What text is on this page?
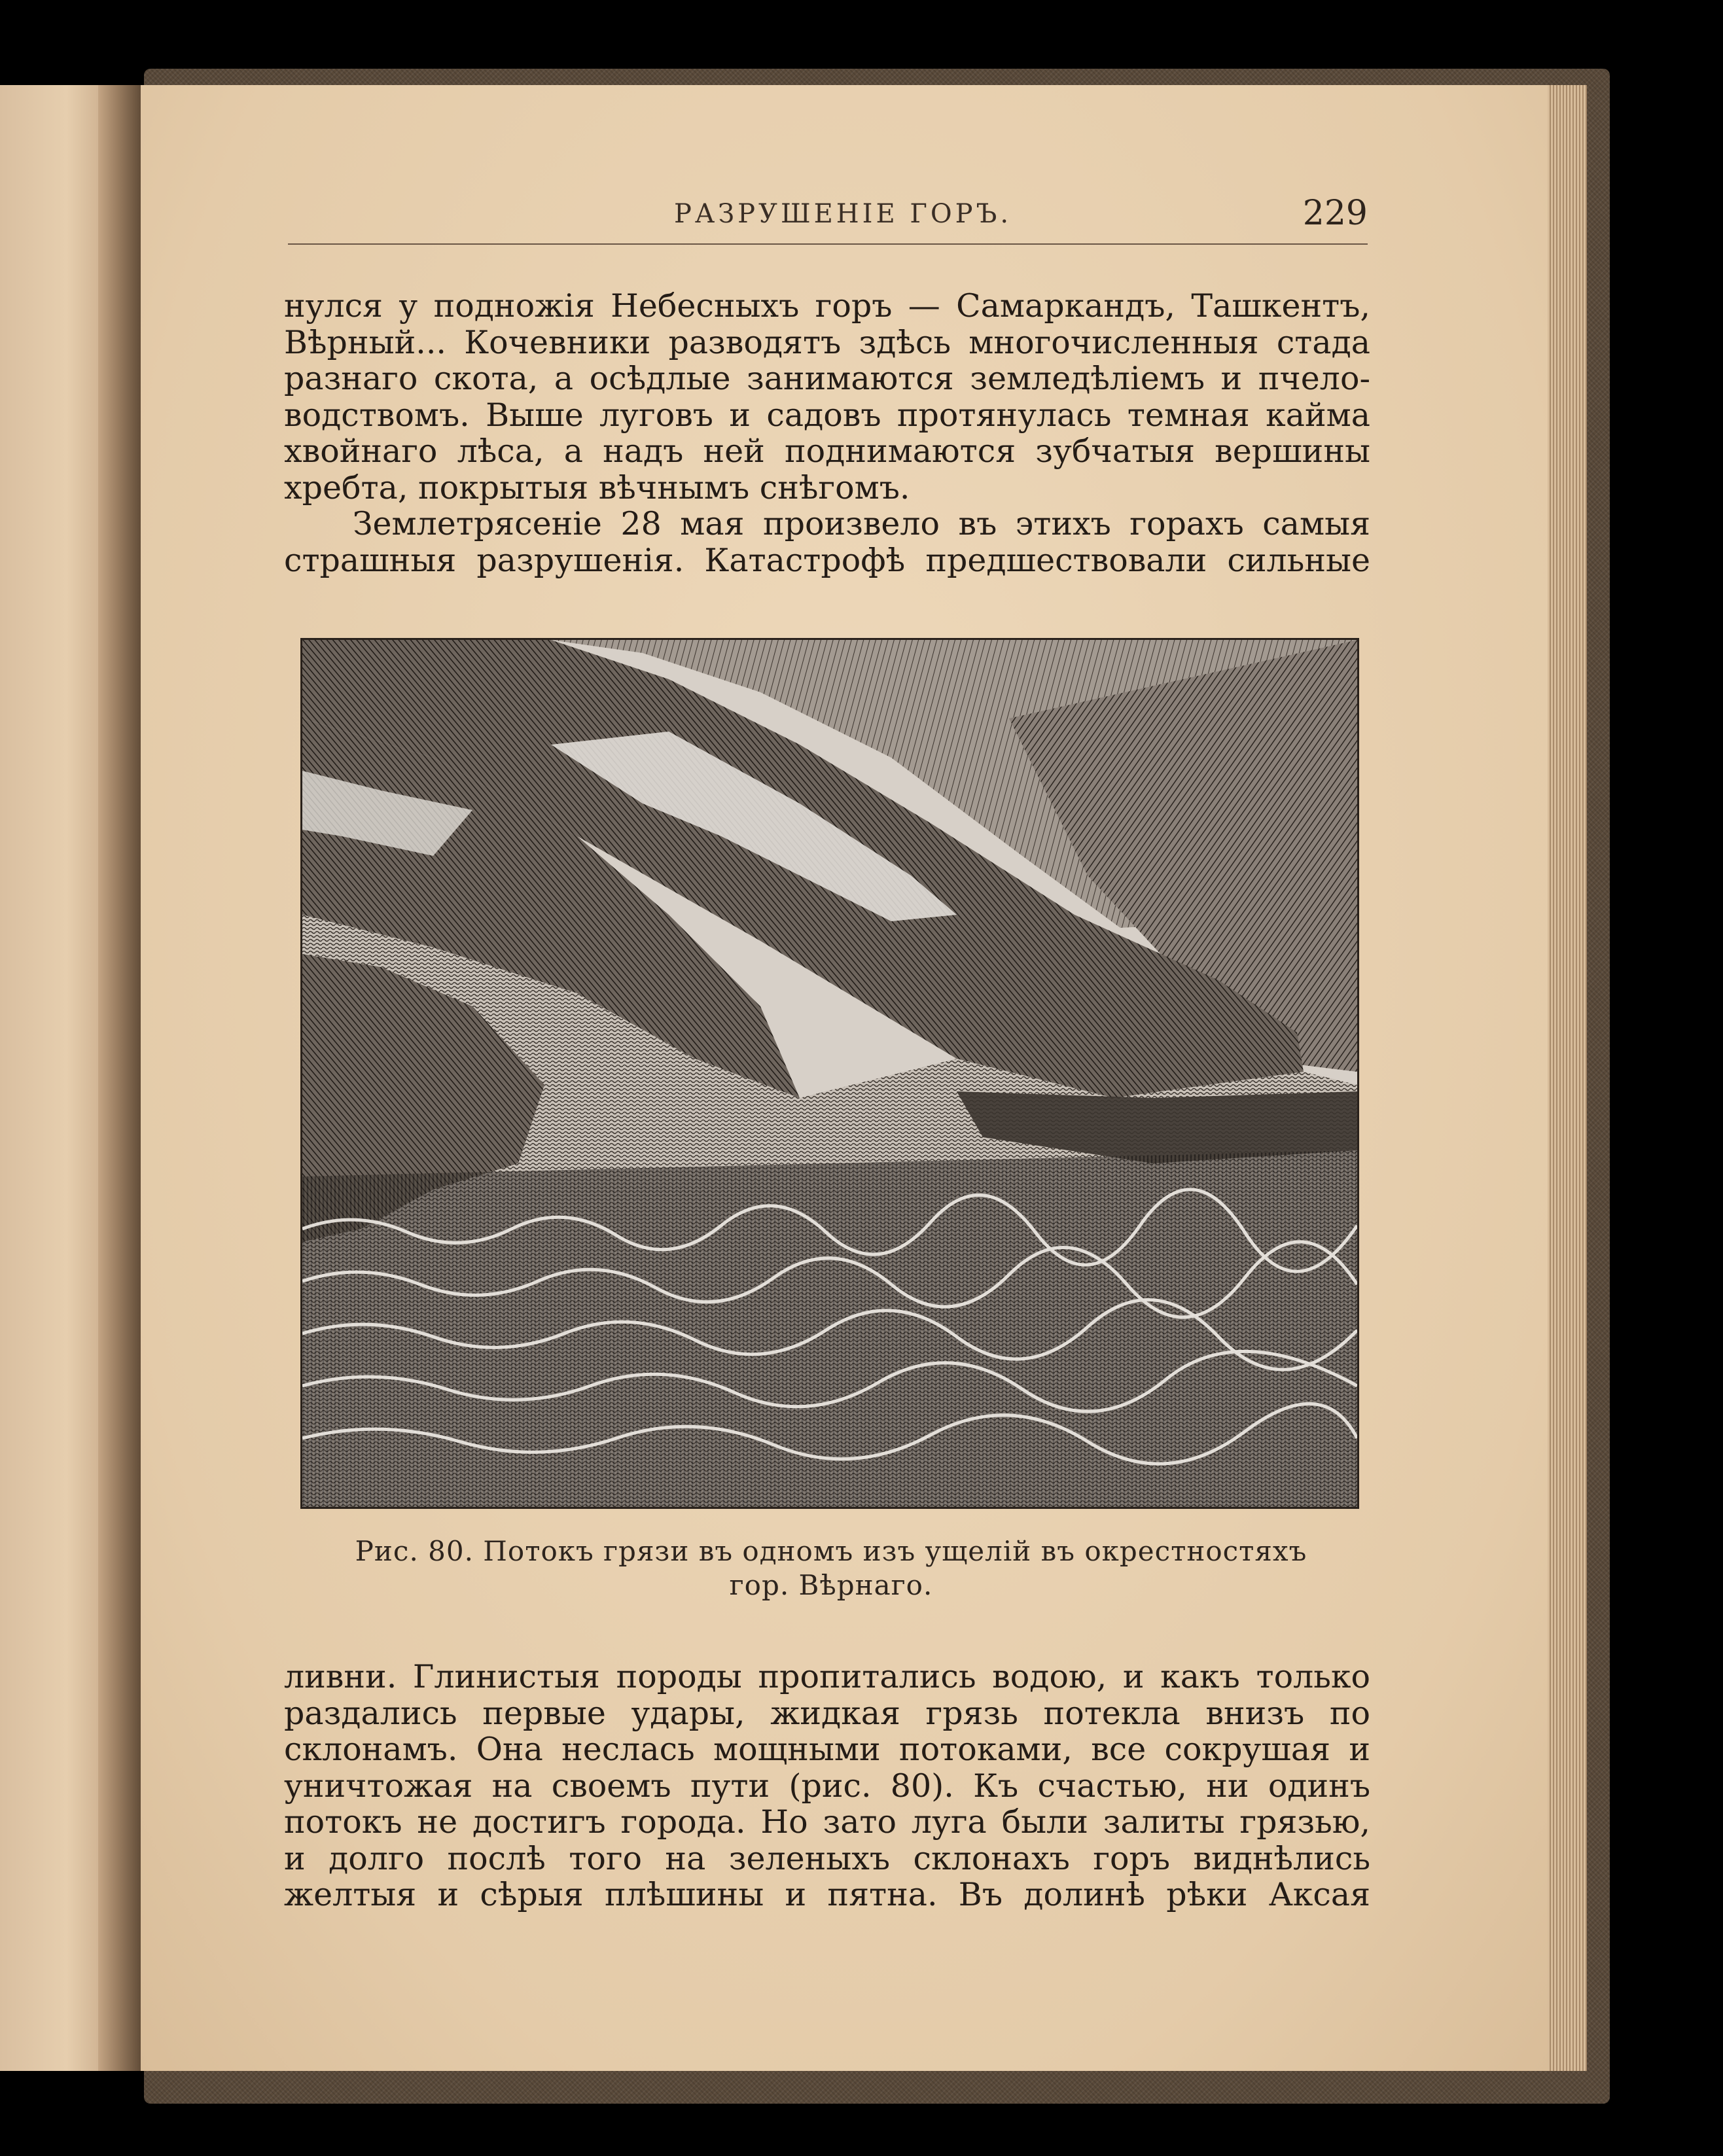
РАЗРУШЕНІЕ ГОРЪ.	229
нулся у подножія Небесныхъ горъ — Самаркандъ, Ташкентъ,
Вѣрный... Кочевники разводятъ здѣсь многочисленныя стада
разнаго скота, а осѣдлые занимаются земледѣліемъ и пчело-
водствомъ. Выше луговъ и садовъ протянулась темная кайма
хвойнаго лѣса, а надъ ней поднимаются зубчатыя вершины
хребта, покрытыя вѣчнымъ снѣгомъ.
Землетрясеніе 28 мая произвело въ этихъ горахъ самыя
страшныя разрушенія. Катастрофѣ предшествовали сильные
Рис. 80. Потокъ грязи въ одномъ изъ ущелій въ окрестностяхъ
гор. Вѣрнаго.
ливни. Глинистыя породы пропитались водою, и какъ только
раздались первые удары, жидкая грязь потекла внизъ по
склонамъ. Она неслась мощными потоками, все сокрушая и
уничтожая на своемъ пути (рис. 80). Къ счастью, ни одинъ
потокъ не достигъ города. Но зато луга были залиты грязью,
и долго послѣ того на зеленыхъ склонахъ горъ виднѣлись
желтыя и сѣрыя плѣшины и пятна. Въ долинѣ рѣки Аксая
